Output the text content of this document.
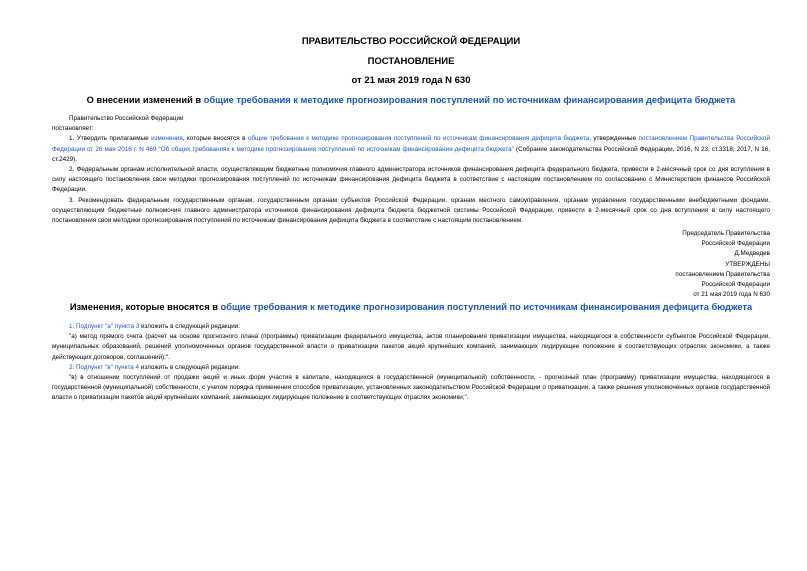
ПРАВИТЕЛЬСТВО РОССИЙСКОЙ ФЕДЕРАЦИИ

ПОСТАНОВЛЕНИЕ

от 21 мая 2019 года N 630

О внесении изменений в общие требования к методике прогнозирования поступлений по источникам финансирования дефицита бюджета

Правительство Российской Федерации

постановляет:

1. Утвердить прилагаемые изменения, которые вносятся в общие требования к методике прогнозирования поступлений по источникам финансирования дефицита бюджета, утвержденные постановлением Правительства Российской Федерации от 26 мая 2016 г. N 469 "Об общих требованиях к методике прогнозирования поступлений по источникам финансирования дефицита бюджета" (Собрание законодательства Российской Федерации, 2016, N 23, ст.3318; 2017, N 16, ст.2429).

2. Федеральным органам исполнительной власти, осуществляющим бюджетные полномочия главного администратора источников финансирования дефицита федерального бюджета, привести в 2-месячный срок со дня вступления в силу настоящего постановления свои методики прогнозирования поступлений по источникам финансирования дефицита бюджета в соответствие с настоящим постановлением по согласованию с Министерством финансов Российской Федерации.

3. Рекомендовать федеральным государственным органам, государственным органам субъектов Российской Федерации, органам местного самоуправления, органам управления государственными внебюджетными фондами, осуществляющим бюджетные полномочия главного администратора источников финансирования дефицита бюджета бюджетной системы Российской Федерации, привести в 2-месячный срок со дня вступления в силу настоящего постановления свои методики прогнозирования поступлений по источникам финансирования дефицита бюджета в соответствие с настоящим постановлением.

Председатель Правительства

Российской Федерации

Д.Медведев

УТВЕРЖДЕНЫ

постановлением Правительства

Российской Федерации

от 21 мая 2019 года N 630

Изменения, которые вносятся в общие требования к методике прогнозирования поступлений по источникам финансирования дефицита бюджета

1. Подпункт "а" пункта 3 изложить в следующей редакции:

"а) метод прямого счета (расчет на основе прогнозного плана (программы) приватизации федерального имущества, актов планирования приватизации имущества, находящегося в собственности субъектов Российской Федерации, муниципальных образований, решений уполномоченных органов государственной власти о приватизации пакетов акций крупнейших компаний, занимающих лидирующее положение в соответствующих отраслях экономики, а также действующих договоров, соглашений);".

2. Подпункт "в" пункта 4 изложить в следующей редакции:

"в) в отношении поступлений от продажи акций и иных форм участия в капитале, находящихся в государственной (муниципальной) собственности, - прогнозный план (программу) приватизации имущества, находящегося в государственной (муниципальной) собственности, с учетом порядка применения способов приватизации, установленных законодательством Российской Федерации о приватизации, а также решения уполномоченных органов государственной власти о приватизации пакетов акций крупнейших компаний, занимающих лидирующее положение в соответствующих отраслях экономики;".
